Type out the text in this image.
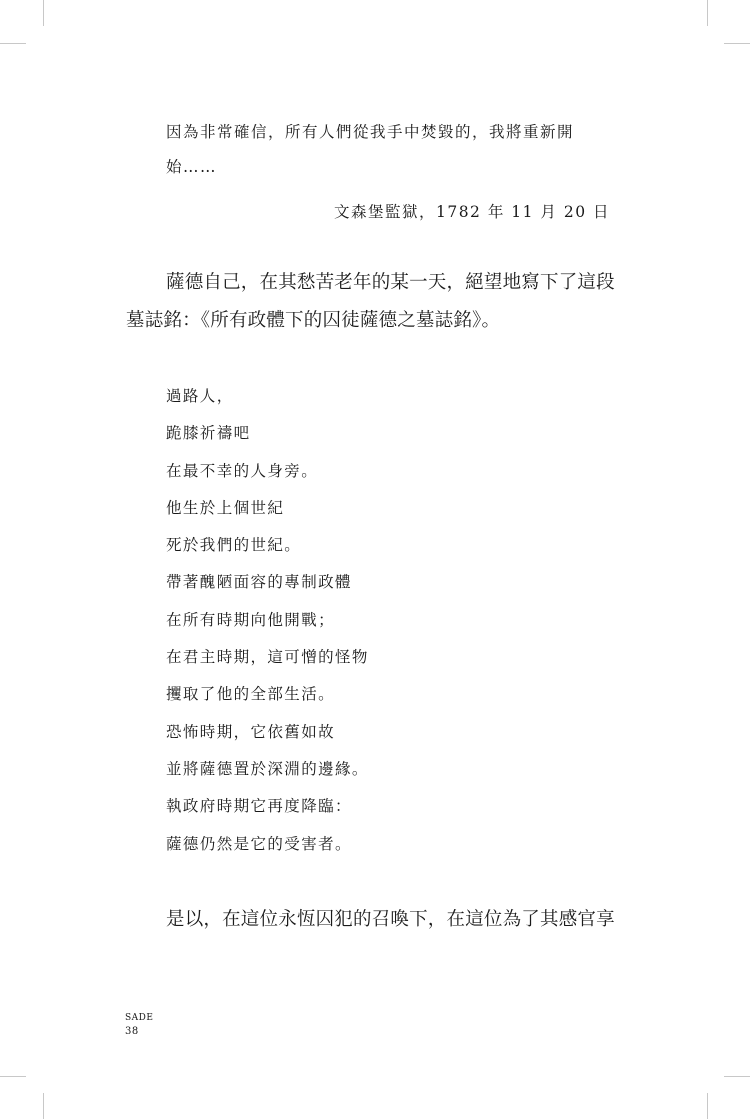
因為非常確信，所有人們從我手中焚毀的，我將重新開
始……
文森堡監獄，1782 年 11 月 20 日
薩德自己，在其愁苦老年的某一天，絕望地寫下了這段
墓誌銘：《所有政體下的囚徒薩德之墓誌銘》。
過路人，
跪膝祈禱吧
在最不幸的人身旁。
他生於上個世紀
死於我們的世紀。
帶著醜陋面容的專制政體
在所有時期向他開戰；
在君主時期，這可憎的怪物
攫取了他的全部生活。
恐怖時期，它依舊如故
並將薩德置於深淵的邊緣。
執政府時期它再度降臨：
薩德仍然是它的受害者。
是以，在這位永恆囚犯的召喚下，在這位為了其感官享
SADE
38
